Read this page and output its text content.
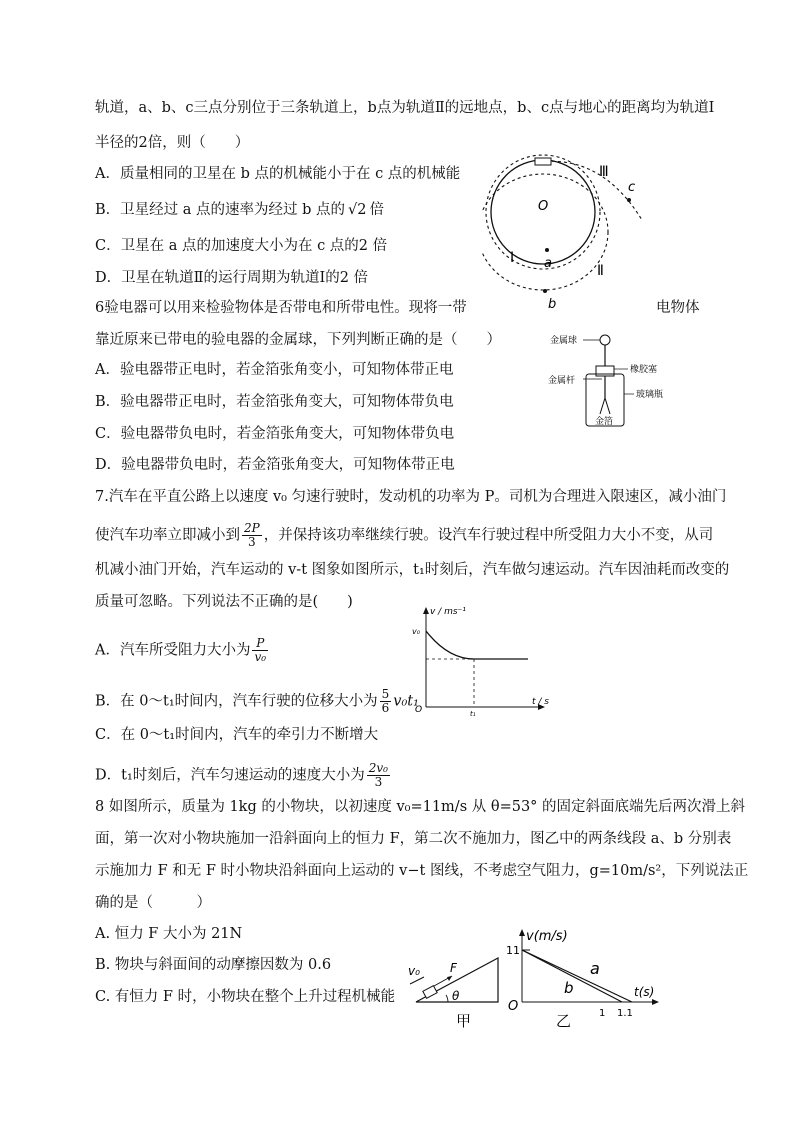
轨道，a、b、c三点分别位于三条轨道上，b点为轨道Ⅱ的远地点，b、c点与地心的距离均为轨道Ⅰ
半径的2倍，则（　　）
A．质量相同的卫星在 b 点的机械能小于在 c 点的机械能
B．卫星经过 a 点的速率为经过 b 点的 √2 倍
C．卫星在 a 点的加速度大小为在 c 点的2 倍
D．卫星在轨道Ⅱ的运行周期为轨道Ⅰ的2 倍
O
a
b
c
Ⅰ
Ⅱ
Ⅲ
6验电器可以用来检验物体是否带电和所带电性。现将一带	电物体
靠近原来已带电的验电器的金属球，下列判断正确的是（　　）
A．验电器带正电时，若金箔张角变小，可知物体带正电
B．验电器带正电时，若金箔张角变大，可知物体带负电
C．验电器带负电时，若金箔张角变大，可知物体带负电
D．验电器带负电时，若金箔张角变大，可知物体带正电
金属球
金属杆
橡胶塞
玻璃瓶
金箔
7.汽车在平直公路上以速度 v₀ 匀速行驶时，发动机的功率为 P。司机为合理进入限速区，减小油门
使汽车功率立即减小到 $\frac{2P}{3}$ ，并保持该功率继续行驶。设汽车行驶过程中所受阻力大小不变，从司
机减小油门开始，汽车运动的 v-t 图象如图所示，t₁时刻后，汽车做匀速运动。汽车因油耗而改变的
质量可忽略。下列说法不正确的是(　　)
A．汽车所受阻力大小为 $\frac{P}{\text{v₀}}$
B．在 0～t₁时间内，汽车行驶的位移大小为 $\frac{5}{6} v_0t_1$
C．在 0～t₁时间内，汽车的牵引力不断增大
D．t₁时刻后，汽车匀速运动的速度大小为 $\frac{\text{2v₀}}{3}$
v / ms⁻¹
t / s
v₀
O	t₁
8 如图所示，质量为 1kg 的小物块，以初速度 v₀=11m/s 从 θ=53° 的固定斜面底端先后两次滑上斜
面，第一次对小物块施加一沿斜面向上的恒力 F，第二次不施加力，图乙中的两条线段 a、b 分别表
示施加力 F 和无 F 时小物块沿斜面向上运动的 v−t 图线，不考虑空气阻力，g=10m/s²，下列说法正
确的是（　　　）
A. 恒力 F 大小为 21N
B. 物块与斜面间的动摩擦因数为 0.6
C. 有恒力 F 时，小物块在整个上升过程机械能
v₀	F
θ
甲
11
O	1 1.1
v(m/s)
t(s)
a
b
乙
